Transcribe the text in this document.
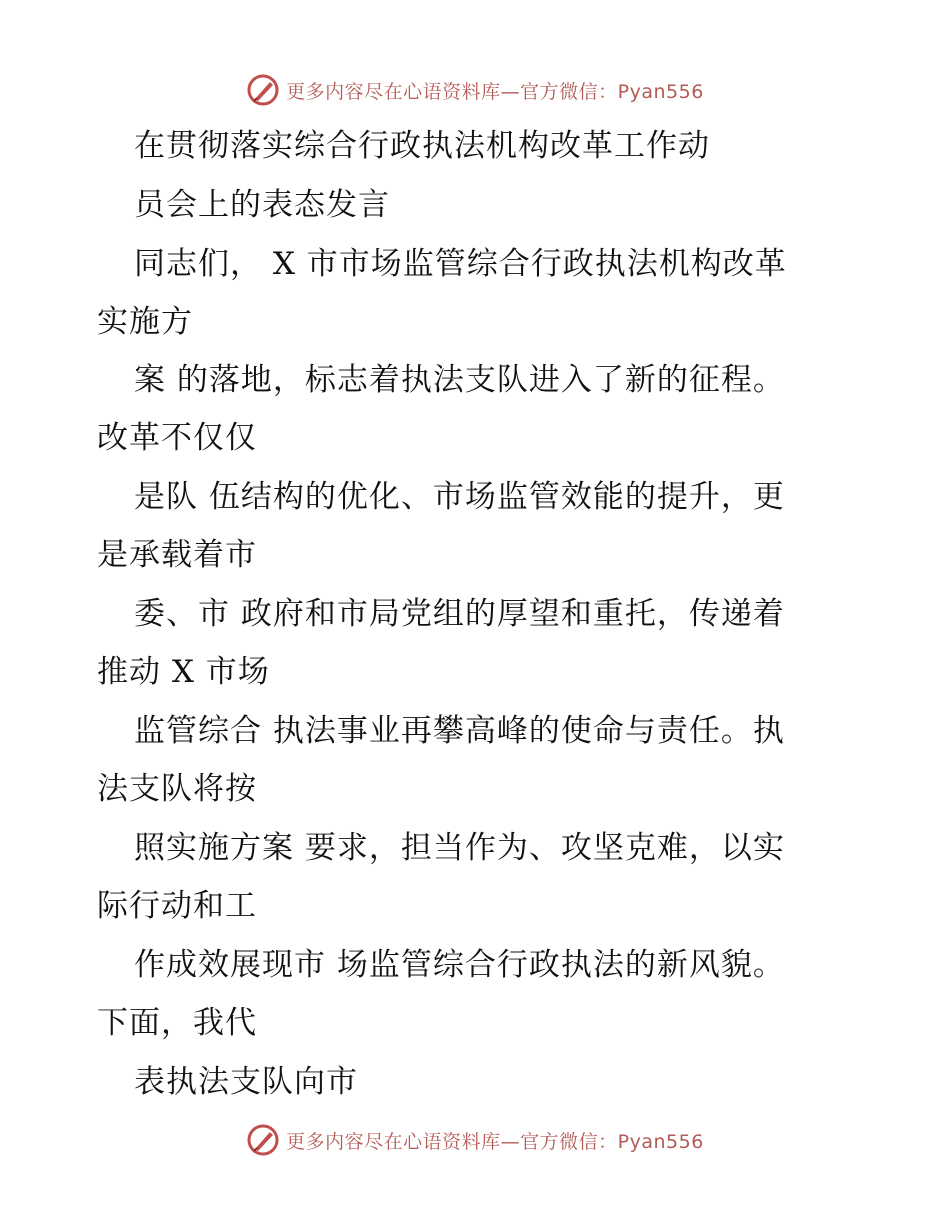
更多内容尽在心语资料库—官方微信：Pyan556
在贯彻落实综合行政执法机构改革工作动
员会上的表态发言
同志们， X 市市场监管综合行政执法机构改革
实施方
案 的落地，标志着执法支队进入了新的征程。
改革不仅仅
是队 伍结构的优化、市场监管效能的提升，更
是承载着市
委、市 政府和市局党组的厚望和重托，传递着
推动 X 市场
监管综合 执法事业再攀高峰的使命与责任。执
法支队将按
照实施方案 要求，担当作为、攻坚克难，以实
际行动和工
作成效展现市 场监管综合行政执法的新风貌。
下面，我代
表执法支队向市
更多内容尽在心语资料库—官方微信：Pyan556
